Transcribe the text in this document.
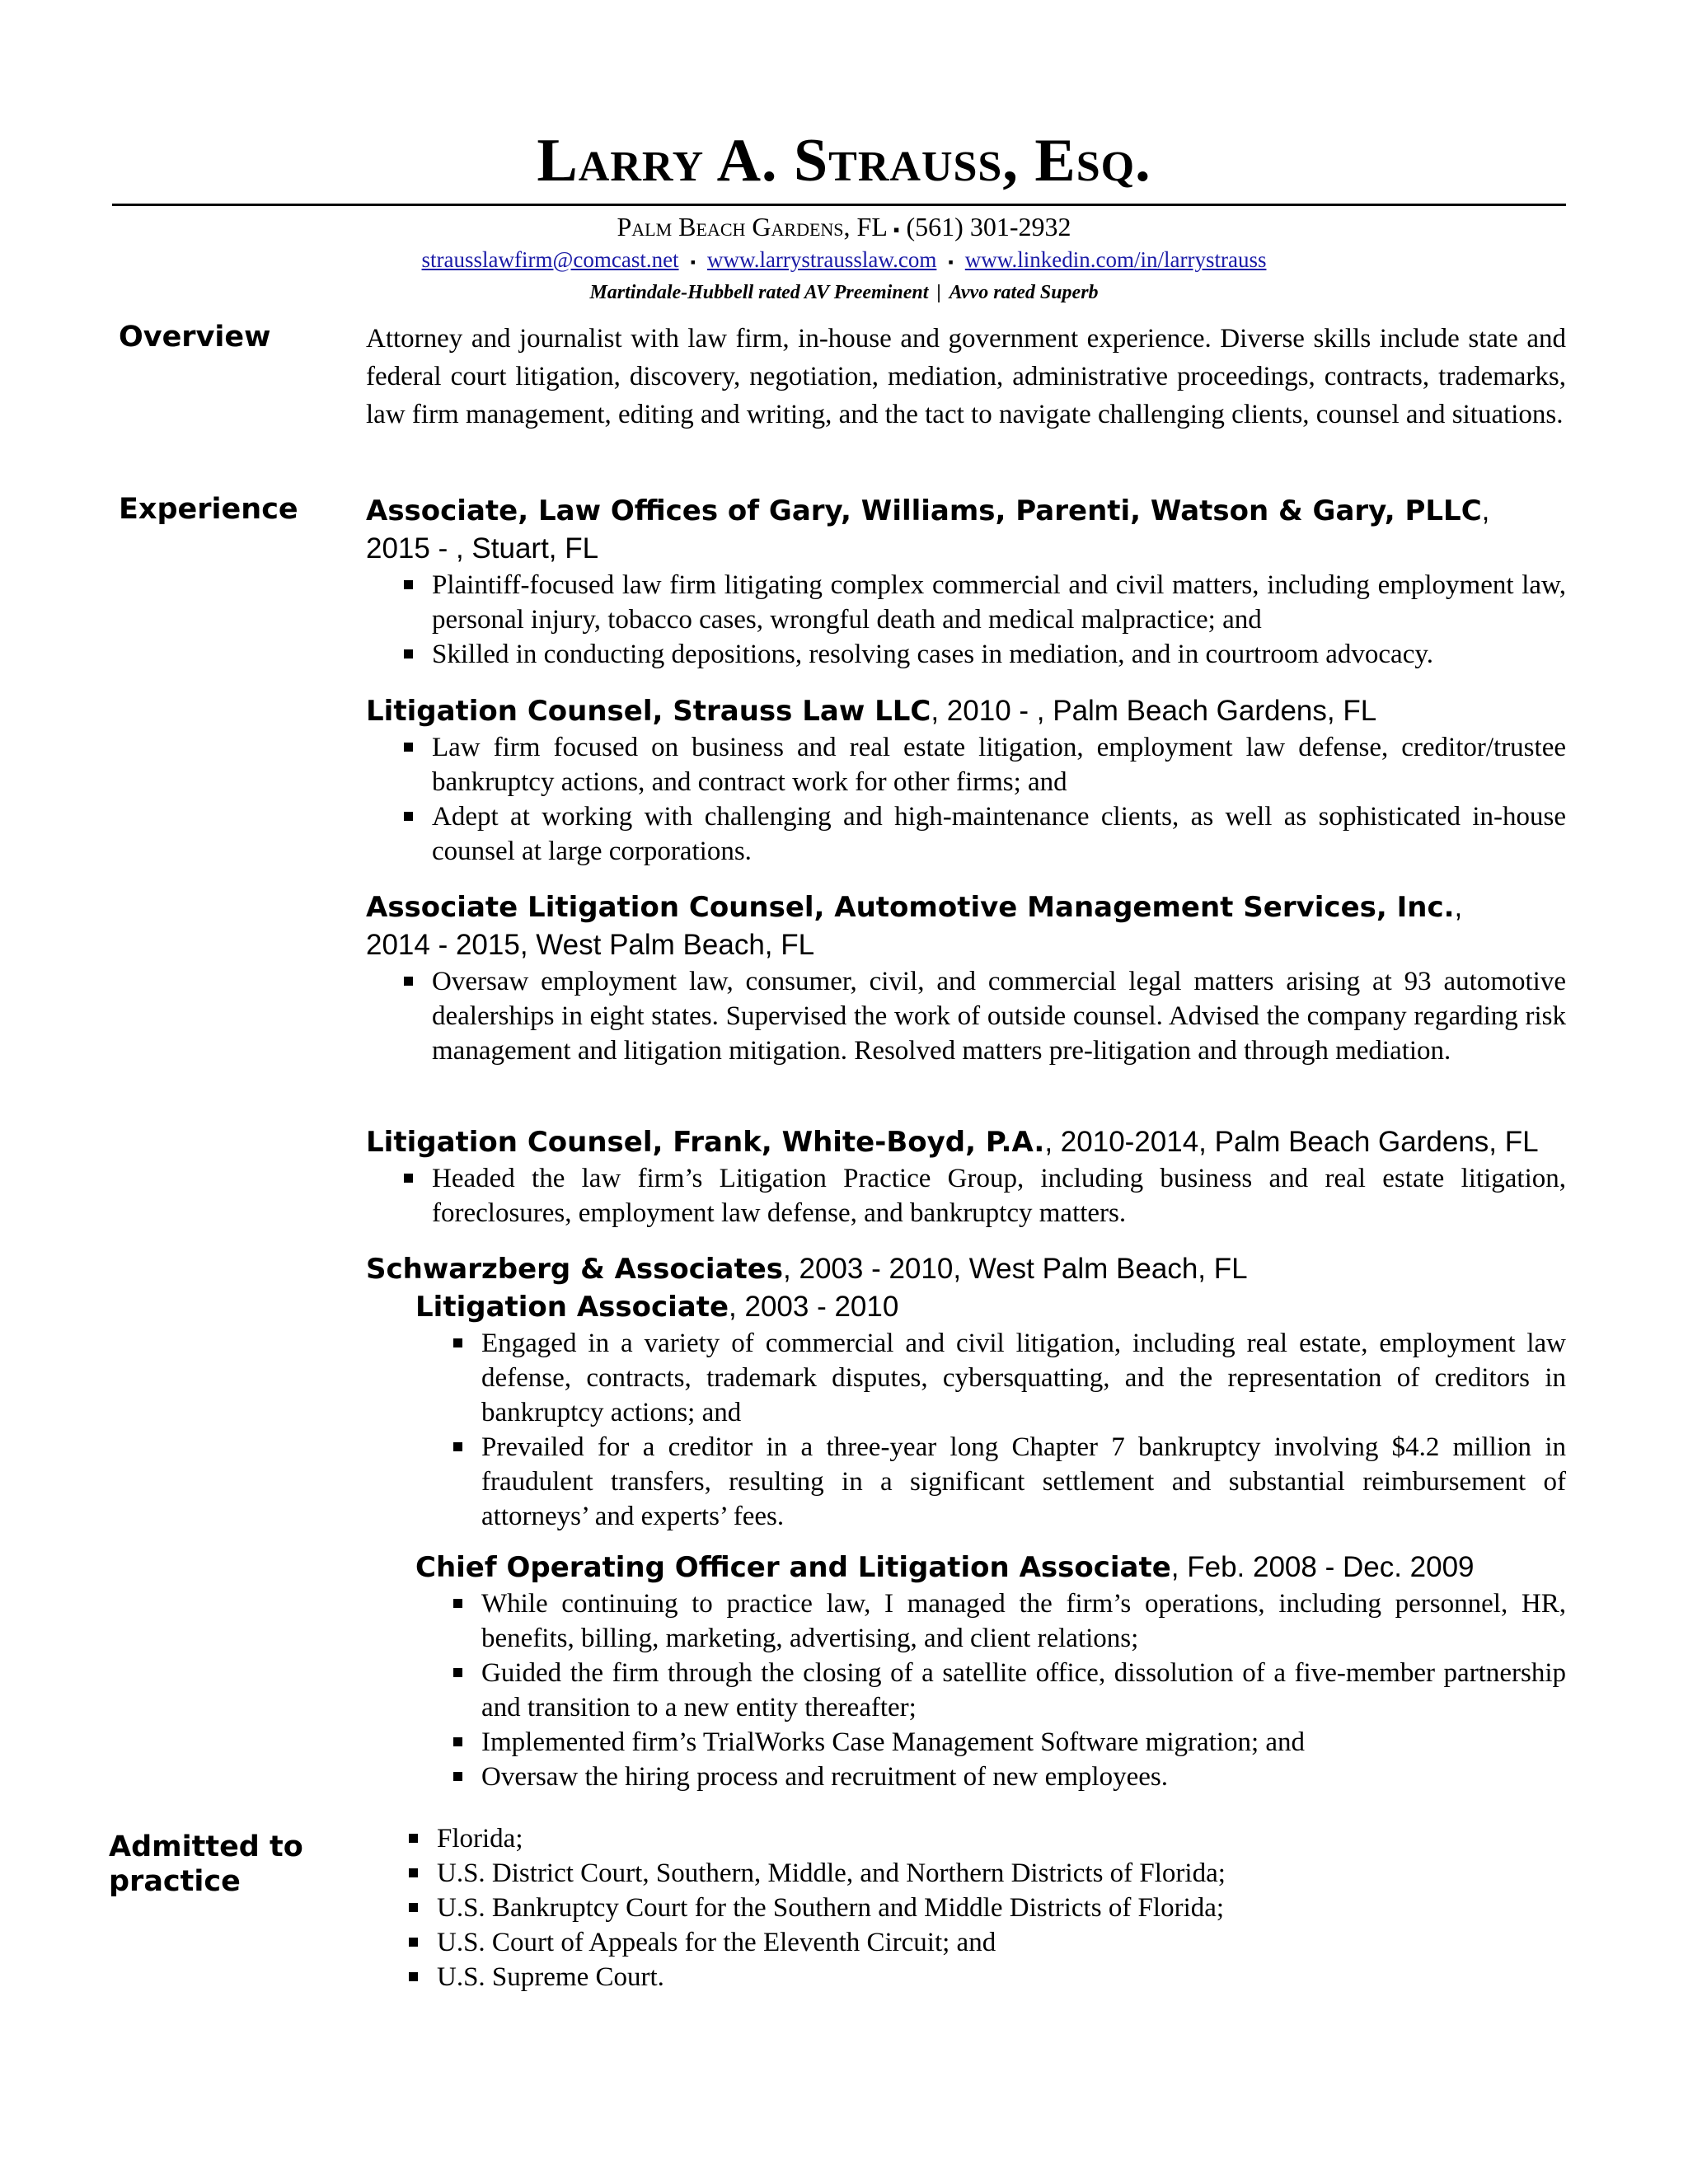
Larry A. Strauss, Esq.
Palm Beach Gardens, FL ▪ (561) 301-2932
strausslawfirm@comcast.net ▪ www.larrystrausslaw.com ▪ www.linkedin.com/in/larrystrauss
Martindale-Hubbell rated AV Preeminent | Avvo rated Superb
Overview	Attorney and journalist with law firm, in-house and government experience. Diverse skills include state and federal court litigation, discovery, negotiation, mediation, administrative proceedings, contracts, trademarks, law firm management, editing and writing, and the tact to navigate challenging clients, counsel and situations.
Experience Associate, Law Offices of Gary, Williams, Parenti, Watson & Gary, PLLC,
2015 - , Stuart, FL
Plaintiff-focused law firm litigating complex commercial and civil matters, including employment law, personal injury, tobacco cases, wrongful death and medical malpractice; and
Skilled in conducting depositions, resolving cases in mediation, and in courtroom advocacy.
Litigation Counsel, Strauss Law LLC, 2010 - , Palm Beach Gardens, FL
Law firm focused on business and real estate litigation, employment law defense, creditor/trustee bankruptcy actions, and contract work for other firms; and
Adept at working with challenging and high-maintenance clients, as well as sophisticated in-house counsel at large corporations.
Associate Litigation Counsel, Automotive Management Services, Inc.,
2014 - 2015, West Palm Beach, FL
Oversaw employment law, consumer, civil, and commercial legal matters arising at 93 automotive dealerships in eight states. Supervised the work of outside counsel. Advised the company regarding risk management and litigation mitigation. Resolved matters pre-litigation and through mediation.
Litigation Counsel, Frank, White-Boyd, P.A., 2010-2014, Palm Beach Gardens, FL
Headed the law firm’s Litigation Practice Group, including business and real estate litigation, foreclosures, employment law defense, and bankruptcy matters.
Schwarzberg & Associates, 2003 - 2010, West Palm Beach, FL
Litigation Associate, 2003 - 2010
Engaged in a variety of commercial and civil litigation, including real estate, employment law defense, contracts, trademark disputes, cybersquatting, and the representation of creditors in bankruptcy actions; and
Prevailed for a creditor in a three-year long Chapter 7 bankruptcy involving $4.2 million in fraudulent transfers, resulting in a significant settlement and substantial reimbursement of attorneys’ and experts’ fees.
Chief Operating Officer and Litigation Associate, Feb. 2008 - Dec. 2009
While continuing to practice law, I managed the firm’s operations, including personnel, HR, benefits, billing, marketing, advertising, and client relations;
Guided the firm through the closing of a satellite office, dissolution of a five-member partnership and transition to a new entity thereafter;
Implemented firm’s TrialWorks Case Management Software migration; and
Oversaw the hiring process and recruitment of new employees.
Admitted to
practice
Florida;
U.S. District Court, Southern, Middle, and Northern Districts of Florida;
U.S. Bankruptcy Court for the Southern and Middle Districts of Florida;
U.S. Court of Appeals for the Eleventh Circuit; and
U.S. Supreme Court.
